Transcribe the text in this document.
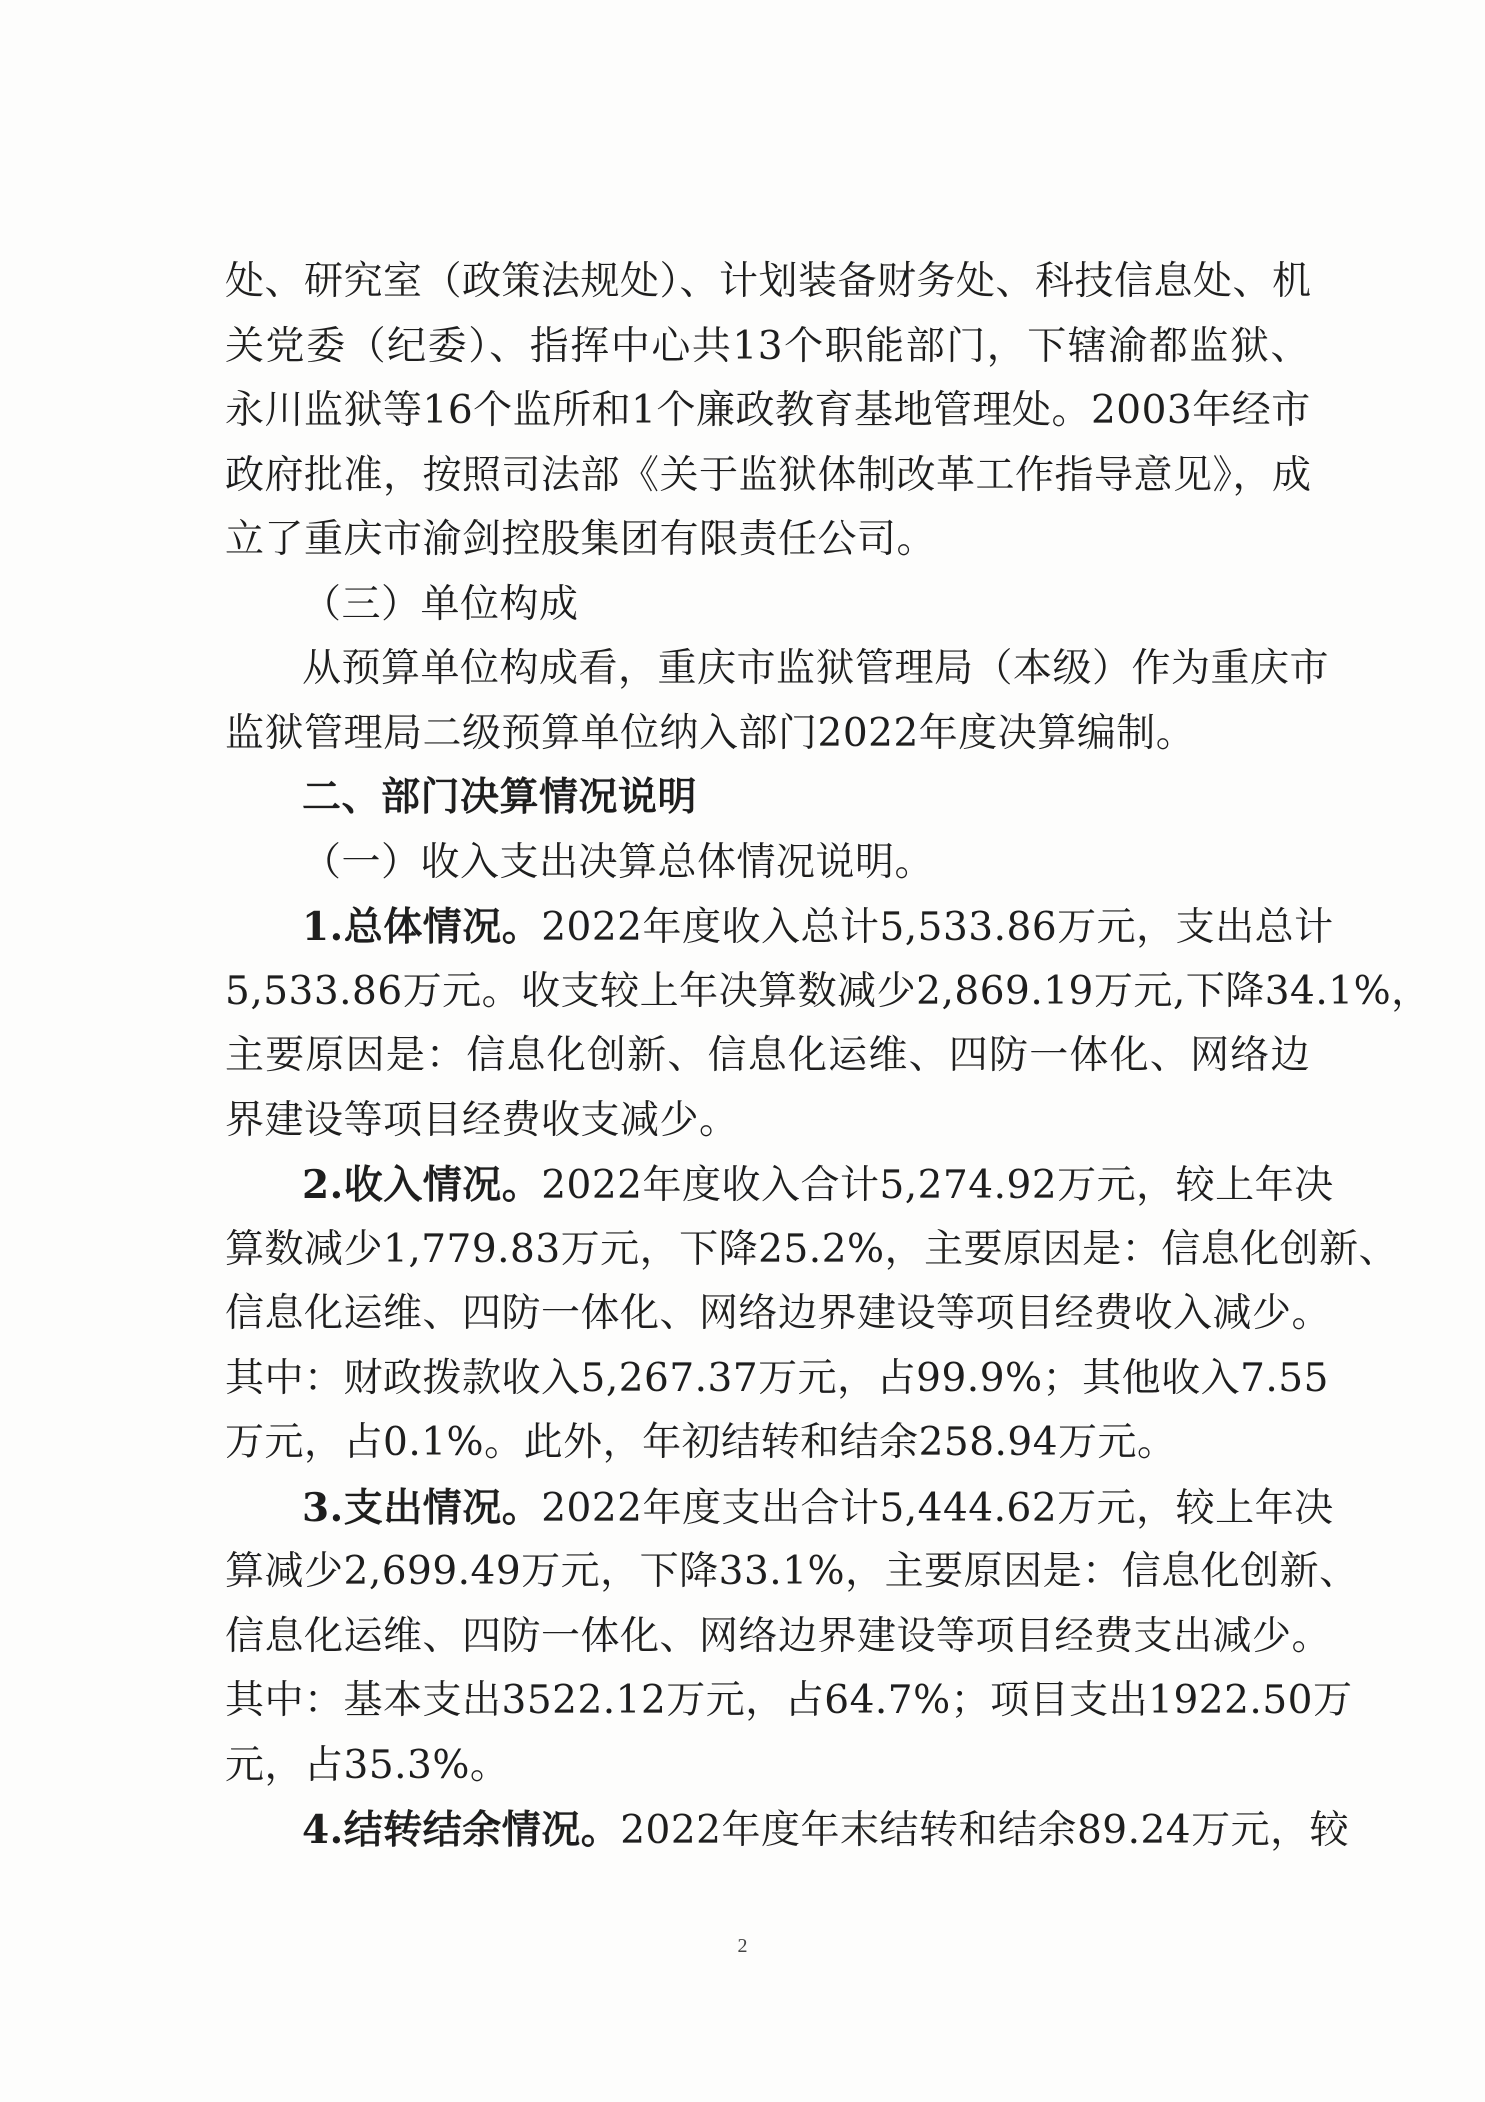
处、研究室（政策法规处）、计划装备财务处、科技信息处、机
关党委（纪委）、指挥中心共13个职能部门，下辖渝都监狱、
永川监狱等16个监所和1个廉政教育基地管理处。2003年经市
政府批准，按照司法部《关于监狱体制改革工作指导意见》，成
立了重庆市渝剑控股集团有限责任公司。
（三）单位构成
从预算单位构成看，重庆市监狱管理局（本级）作为重庆市
监狱管理局二级预算单位纳入部门2022年度决算编制。
二、部门决算情况说明
（一）收入支出决算总体情况说明。
1.总体情况。2022年度收入总计5,533.86万元，支出总计
5,533.86万元。收支较上年决算数减少2,869.19万元,下降34.1%，
主要原因是：信息化创新、信息化运维、四防一体化、网络边
界建设等项目经费收支减少。
2.收入情况。2022年度收入合计5,274.92万元，较上年决
算数减少1,779.83万元，下降25.2%，主要原因是：信息化创新、
信息化运维、四防一体化、网络边界建设等项目经费收入减少。
其中：财政拨款收入5,267.37万元，占99.9%；其他收入7.55
万元，占0.1%。此外，年初结转和结余258.94万元。
3.支出情况。2022年度支出合计5,444.62万元，较上年决
算减少2,699.49万元，下降33.1%，主要原因是：信息化创新、
信息化运维、四防一体化、网络边界建设等项目经费支出减少。
其中：基本支出3522.12万元，占64.7%；项目支出1922.50万
元，占35.3%。
4.结转结余情况。2022年度年末结转和结余89.24万元，较
2
